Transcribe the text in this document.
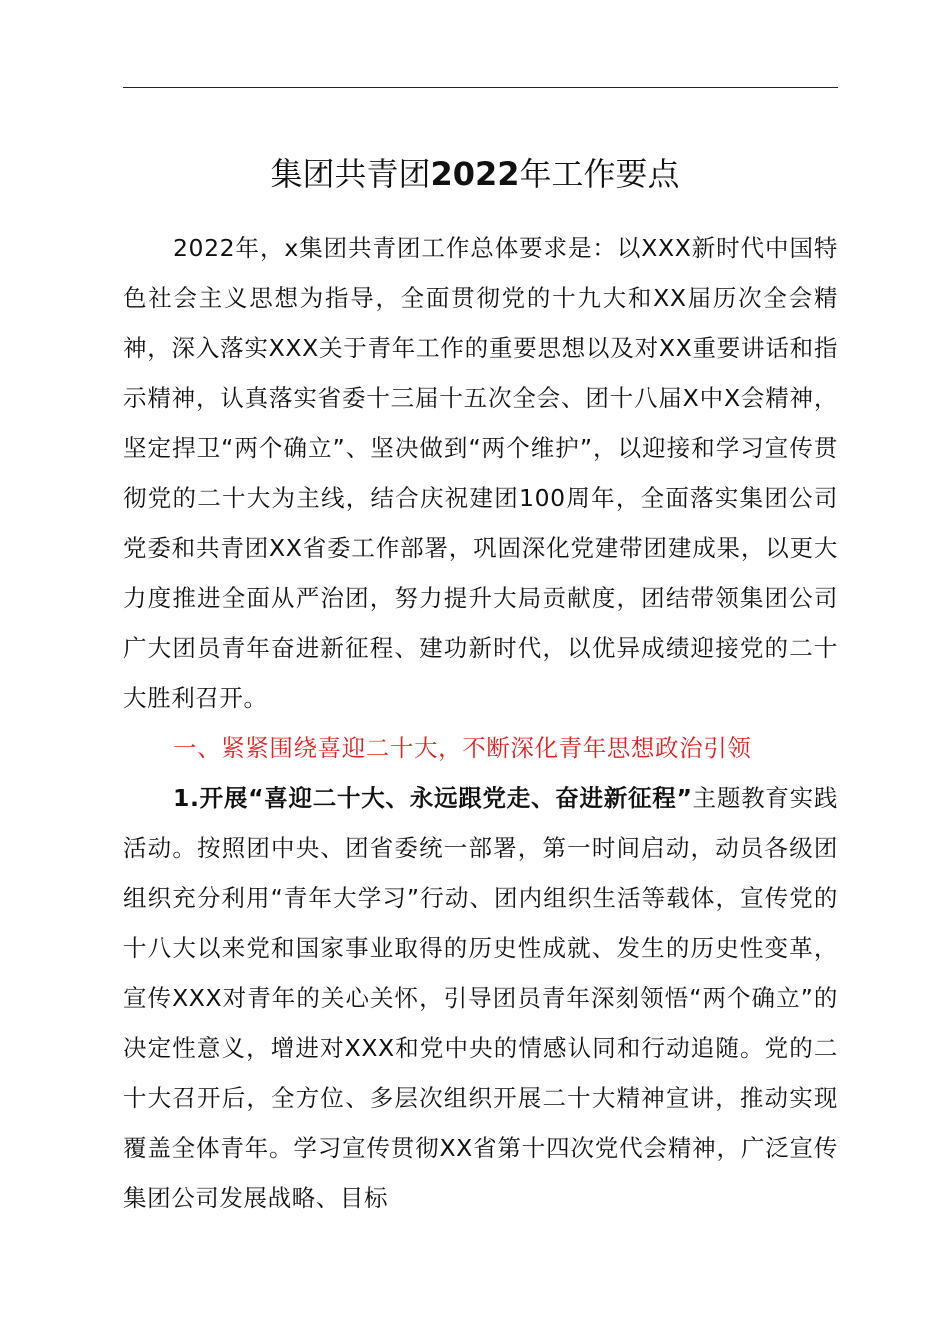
集团共青团2022年工作要点

2022年，x集团共青团工作总体要求是：以XXX新时代中国特色社会主义思想为指导，全面贯彻党的十九大和XX届历次全会精神，深入落实XXX关于青年工作的重要思想以及对XX重要讲话和指示精神，认真落实省委十三届十五次全会、团十八届X中X会精神，坚定捍卫“两个确立”、坚决做到“两个维护”，以迎接和学习宣传贯彻党的二十大为主线，结合庆祝建团100周年，全面落实集团公司党委和共青团XX省委工作部署，巩固深化党建带团建成果，以更大力度推进全面从严治团，努力提升大局贡献度，团结带领集团公司广大团员青年奋进新征程、建功新时代，以优异成绩迎接党的二十大胜利召开。

一、紧紧围绕喜迎二十大，不断深化青年思想政治引领

1.开展“喜迎二十大、永远跟党走、奋进新征程”主题教育实践活动。按照团中央、团省委统一部署，第一时间启动，动员各级团组织充分利用“青年大学习”行动、团内组织生活等载体，宣传党的十八大以来党和国家事业取得的历史性成就、发生的历史性变革，宣传XXX对青年的关心关怀，引导团员青年深刻领悟“两个确立”的决定性意义，增进对XXX和党中央的情感认同和行动追随。党的二十大召开后，全方位、多层次组织开展二十大精神宣讲，推动实现覆盖全体青年。学习宣传贯彻XX省第十四次党代会精神，广泛宣传集团公司发展战略、目标
